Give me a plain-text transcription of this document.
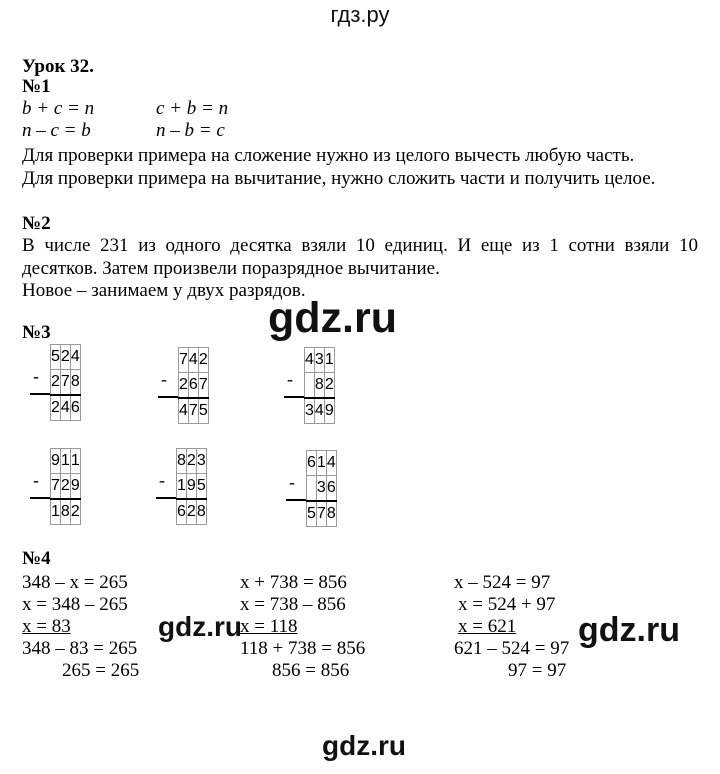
гдз.ру
Урок 32.
№1
b + c = n	c + b = n
n – c = b	n – b = c
Для проверки примера на сложение нужно из целого вычесть любую часть.
Для проверки примера на вычитание, нужно сложить части и получить целое.
№2
В числе 231 из одного десятка взяли 10 единиц. И еще из 1 сотни взяли 10
десятков. Затем произвели поразрядное вычитание.
Новое – занимаем у двух разрядов.
gdz.ru
№3
-
5	2	4
2	7	8
2	4	6
-
7	4	2
2	6	7
4	7	5
-
4	3	1
	8	2
3	4	9
-
9	1	1
7	2	9
1	8	2
-
8	2	3
1	9	5
6	2	8
-
6	1	4
	3	6
5	7	8
№4
348 – x = 265
x = 348 – 265
x = 83
348 – 83 = 265
265 = 265
x + 738 = 856
x = 738 – 856
x = 118
118 + 738 = 856
856 = 856
x – 524 = 97
x = 524 + 97
x = 621
621 – 524 = 97
97 = 97
gdz.ru	gdz.ru
gdz.ru
